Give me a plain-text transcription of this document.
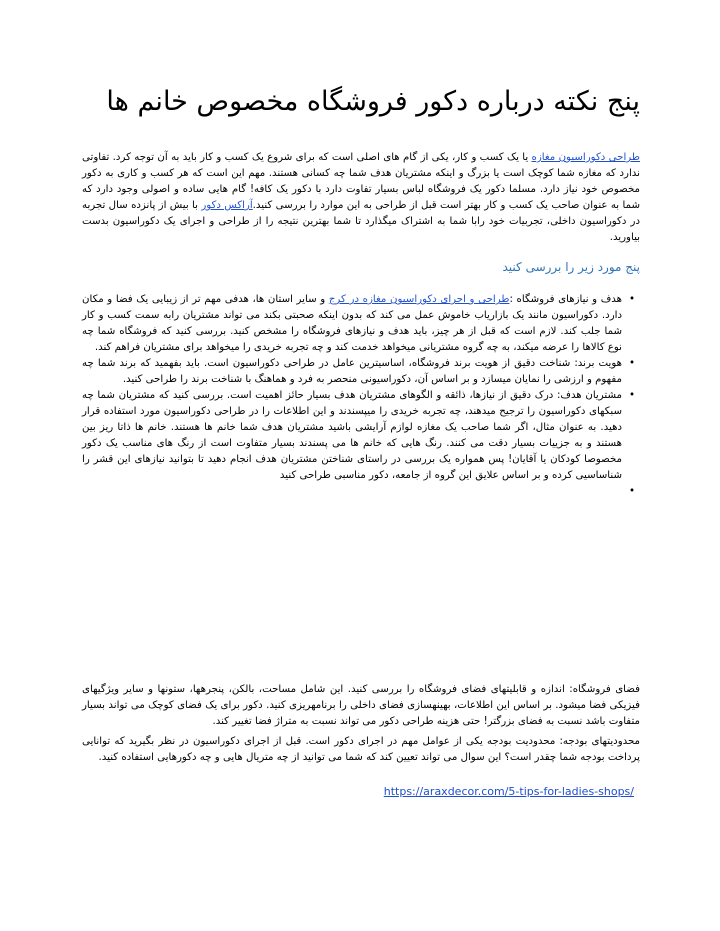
پنج نکته درباره دکور فروشگاه مخصوص خانم ها

طراحی دکوراسیون مغازه یا یک کسب و کار، یکی از گام های اصلی است که برای شروع یک کسب و کار باید به آن توجه کرد. تفاوتی ندارد که مغازه شما کوچک است یا بزرگ و اینکه مشتریان هدف شما چه کسانی هستند. مهم این است که هر کسب و کاری به دکور مخصوص خود نیاز دارد. مسلما دکور یک فروشگاه لباس بسیار تفاوت دارد با دکور یک کافه! گام هایی ساده و اصولی وجود دارد که شما به عنوان صاحب یک کسب و کار بهتر است قبل از طراحی به این موارد را بررسی کنید.آراکس دکور با بیش از پانزده سال تجربه در دکوراسیون داخلی، تجربیات خود رابا شما به اشتراک میگذارد تا شما بهترین نتیجه را از طراحی و اجرای یک دکوراسیون بدست بیاورید.

پنج مورد زیر را بررسی کنید
•
هدف و نیازهای فروشگاه :طراحی و اجرای دکوراسیون مغازه در کرج و سایر استان ها، هدفی مهم تر از زیبایی یک فضا و مکان دارد. دکوراسیون مانند یک بازاریاب خاموش عمل می کند که بدون اینکه صحبتی بکند می تواند مشتریان رابه سمت کسب و کار شما جلب کند. لازم است که قبل از هر چیز، باید هدف و نیازهای فروشگاه را مشخص کنید. بررسی کنید که فروشگاه شما چه نوع کالاها را عرضه میکند، به چه گروه مشتریانی میخواهد خدمت کند و چه تجربه خریدی را میخواهد برای مشتریان فراهم کند.
•
هویت برند: شناخت دقیق از هویت برند فروشگاه، اساسیترین عامل در طراحی دکوراسیون است. باید بفهمید که برند شما چه مفهوم و ارزشی را نمایان میسازد و بر اساس آن، دکوراسیونی منحصر به فرد و هماهنگ با شناخت برند را طراحی کنید.
•
مشتریان هدف: درک دقیق از نیازها، ذائقه و الگوهای مشتریان هدف بسیار حائز اهمیت است. بررسی کنید که مشتریان شما چه سبکهای دکوراسیون را ترجیح میدهند، چه تجربه خریدی را میپسندند و این اطلاعات را در طراحی دکوراسیون مورد استفاده قرار دهید. به عنوان مثال، اگر شما صاحب یک مغازه لوازم آرایشی باشید مشتریان هدف شما خانم ها هستند. خانم ها ذاتا ریز بین هستند و به جزییات بسیار دقت می کنند. رنگ هایی که خانم ها می پسندند بسیار متفاوت است از رنگ های مناسب یک دکور مخصوصا کودکان یا آقایان! پس همواره یک بررسی در راستای شناختن مشتریان هدف انجام دهید تا بتوانید نیازهای این قشر را شناساسیی کرده و بر اساس علایق این گروه از جامعه، دکور مناسبی طراحی کنید
•

فضای فروشگاه: اندازه و قابلیتهای فضای فروشگاه را بررسی کنید. این شامل مساحت، بالکن، پنجرهها، ستونها و سایر ویژگیهای فیزیکی فضا میشود. بر اساس این اطلاعات، بهینهسازی فضای داخلی را برنامهریزی کنید. دکور برای یک فضای کوچک می تواند بسیار متفاوت باشد نسبت به فضای بزرگتر! حتی هزینه طراحی دکور می تواند نسبت به متراژ فضا تغییر کند.

محدودیتهای بودجه: محدودیت بودجه یکی از عوامل مهم در اجرای دکور است. قبل از اجرای دکوراسیون در نظر بگیرید که توانایی پرداخت بودجه شما چقدر است؟ این سوال می تواند تعیین کند که شما می توانید از چه متریال هایی و چه دکورهایی استفاده کنید.

https://araxdecor.com/5-tips-for-ladies-shops/
